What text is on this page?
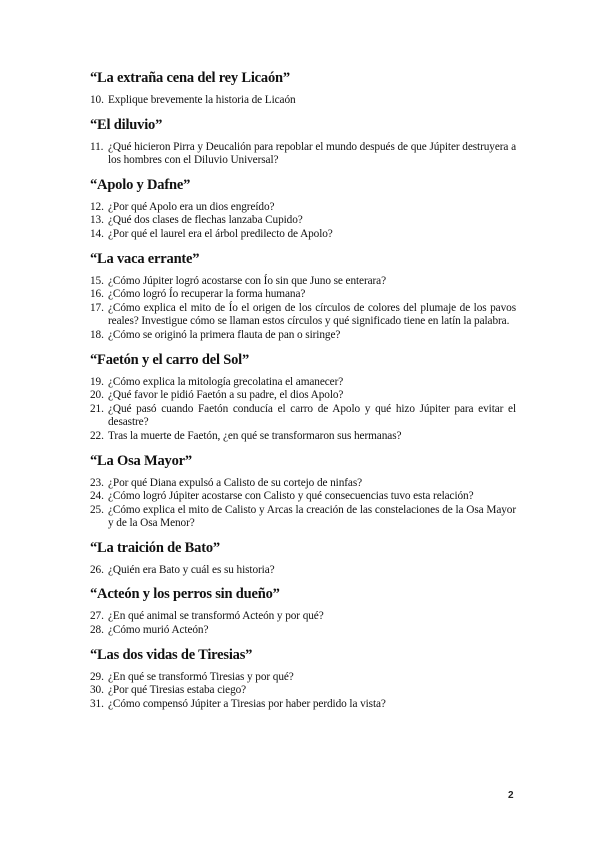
“La extraña cena del rey Licaón”
10. Explique brevemente la historia de Licaón
“El diluvio”
11. ¿Qué hicieron Pirra y Deucalión para repoblar el mundo después de que Júpiter destruyera a los hombres con el Diluvio Universal?
“Apolo y Dafne”
12. ¿Por qué Apolo era un dios engreído?
13. ¿Qué dos clases de flechas lanzaba Cupido?
14. ¿Por qué el laurel era el árbol predilecto de Apolo?
“La vaca errante”
15. ¿Cómo Júpiter logró acostarse con Ío sin que Juno se enterara?
16. ¿Cómo logró Ío recuperar la forma humana?
17. ¿Cómo explica el mito de Ío el origen de los círculos de colores del plumaje de los pavos reales? Investigue cómo se llaman estos círculos y qué significado tiene en latín la palabra.
18. ¿Cómo se originó la primera flauta de pan o siringe?
“Faetón y el carro del Sol”
19. ¿Cómo explica la mitología grecolatina el amanecer?
20. ¿Qué favor le pidió Faetón a su padre, el dios Apolo?
21. ¿Qué pasó cuando Faetón conducía el carro de Apolo y qué hizo Júpiter para evitar el desastre?
22. Tras la muerte de Faetón, ¿en qué se transformaron sus hermanas?
“La Osa Mayor”
23. ¿Por qué Diana expulsó a Calisto de su cortejo de ninfas?
24. ¿Cómo logró Júpiter acostarse con Calisto y qué consecuencias tuvo esta relación?
25. ¿Cómo explica el mito de Calisto y Arcas la creación de las constelaciones de la Osa Mayor y de la Osa Menor?
“La traición de Bato”
26. ¿Quién era Bato y cuál es su historia?
“Acteón y los perros sin dueño”
27. ¿En qué animal se transformó Acteón y por qué?
28. ¿Cómo murió Acteón?
“Las dos vidas de Tiresias”
29. ¿En qué se transformó Tiresias y por qué?
30. ¿Por qué Tiresias estaba ciego?
31. ¿Cómo compensó Júpiter a Tiresias por haber perdido la vista?
2
